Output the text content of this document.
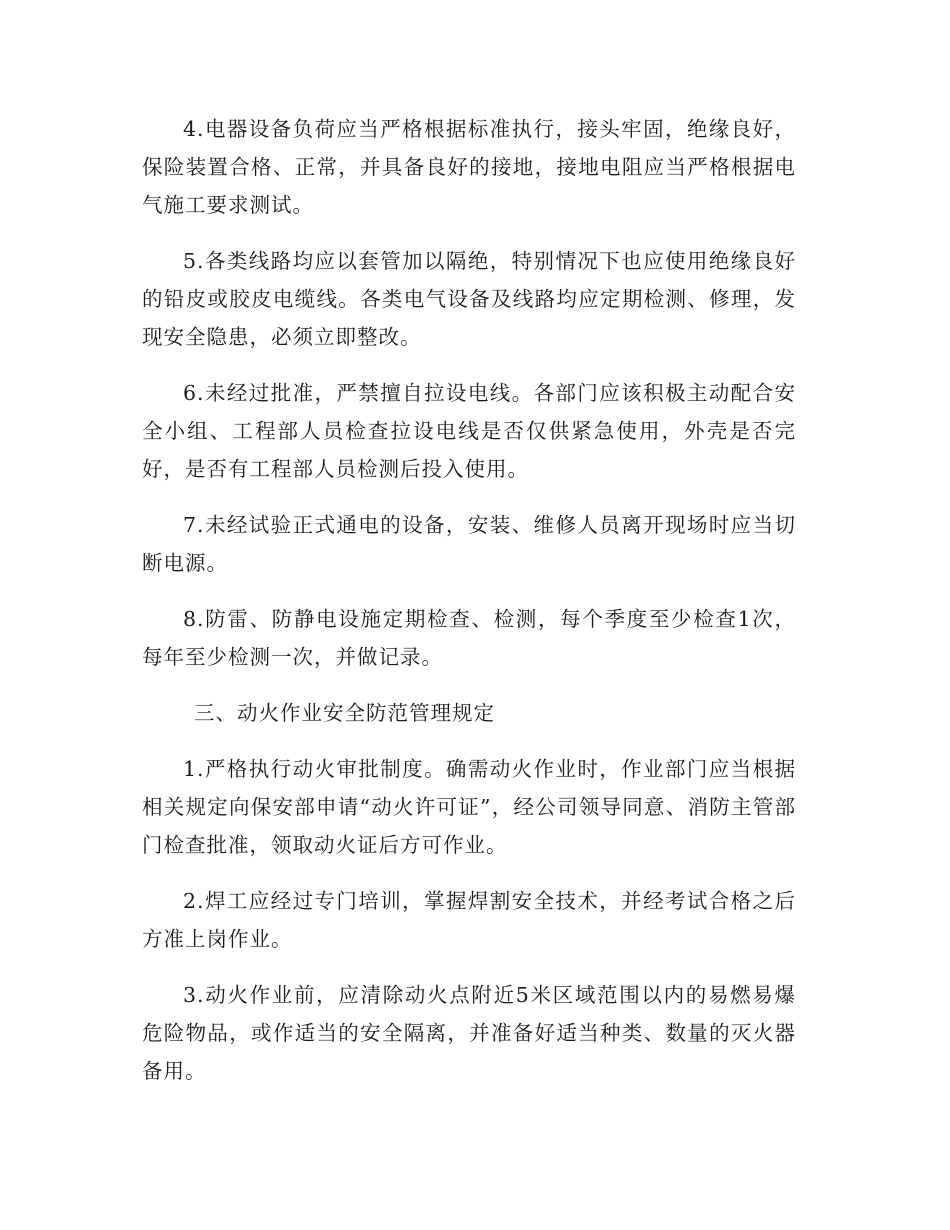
4.电器设备负荷应当严格根据标准执行，接头牢固，绝缘良好，保险装置合格、正常，并具备良好的接地，接地电阻应当严格根据电气施工要求测试。

5.各类线路均应以套管加以隔绝，特别情况下也应使用绝缘良好的铅皮或胶皮电缆线。各类电气设备及线路均应定期检测、修理，发现安全隐患，必须立即整改。

6.未经过批准，严禁擅自拉设电线。各部门应该积极主动配合安全小组、工程部人员检查拉设电线是否仅供紧急使用，外壳是否完好，是否有工程部人员检测后投入使用。

7.未经试验正式通电的设备，安装、维修人员离开现场时应当切断电源。

8.防雷、防静电设施定期检查、检测，每个季度至少检查1次，每年至少检测一次，并做记录。

三、动火作业安全防范管理规定

1.严格执行动火审批制度。确需动火作业时，作业部门应当根据相关规定向保安部申请“动火许可证”，经公司领导同意、消防主管部门检查批准，领取动火证后方可作业。

2.焊工应经过专门培训，掌握焊割安全技术，并经考试合格之后方准上岗作业。

3.动火作业前，应清除动火点附近5米区域范围以内的易燃易爆危险物品，或作适当的安全隔离，并准备好适当种类、数量的灭火器备用。
